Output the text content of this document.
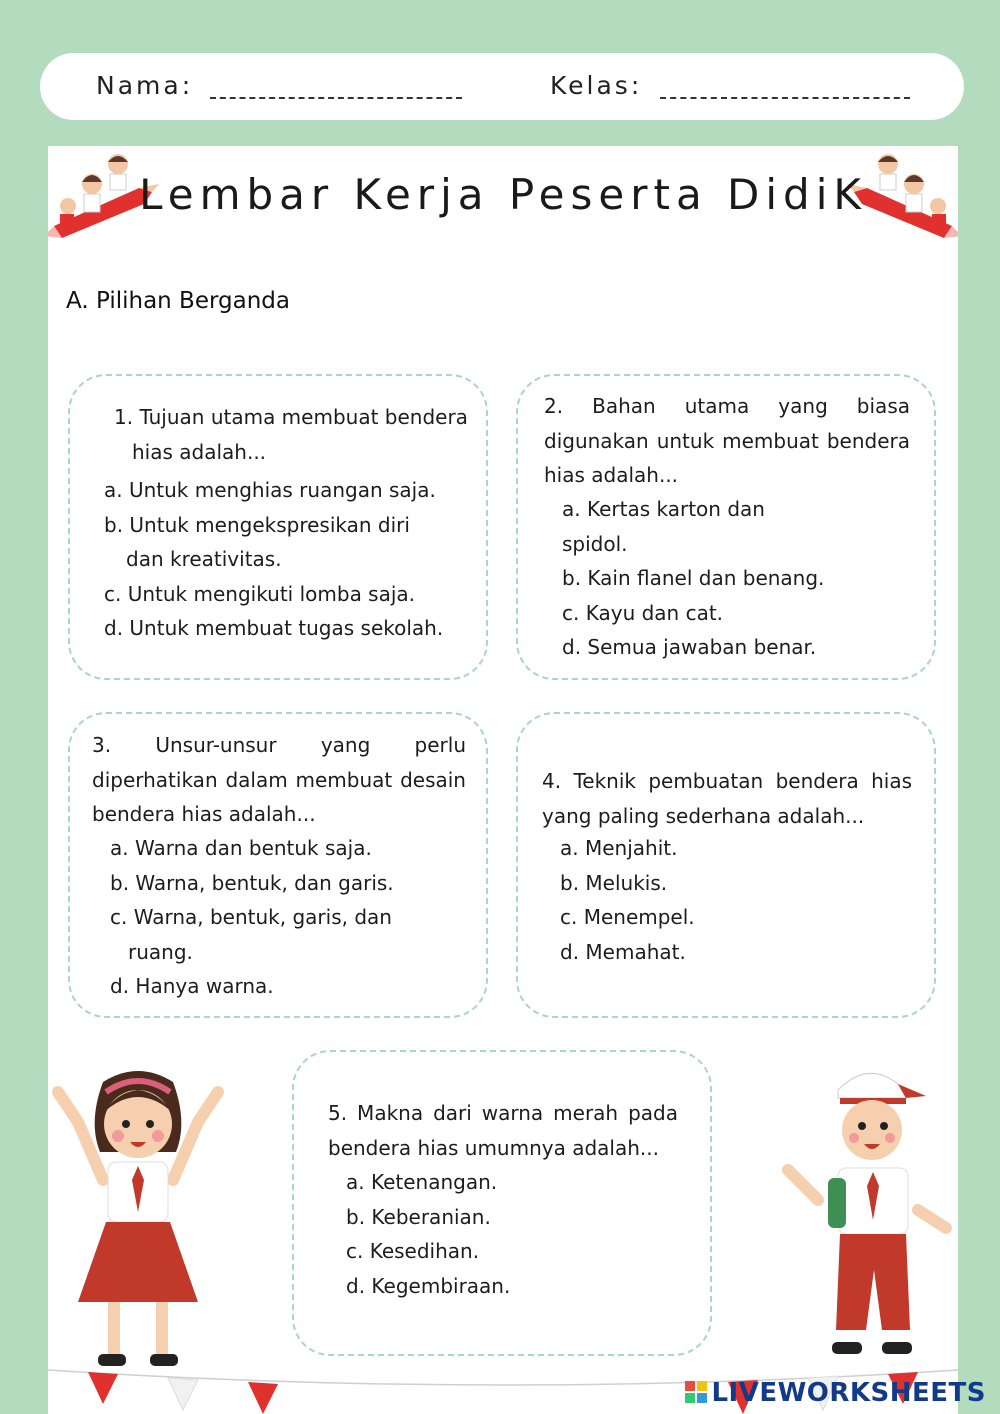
Nama:	Kelas:
Lembar Kerja Peserta DidiK
A. Pilihan Berganda
1. Tujuan utama membuat bendera
hias adalah...
a. Untuk menghias ruangan saja.
b. Untuk mengekspresikan diri
dan kreativitas.
c. Untuk mengikuti lomba saja.
d. Untuk membuat tugas sekolah.
2. Bahan utama yang biasa digunakan untuk membuat bendera hias adalah...
a. Kertas karton dan
spidol.
b. Kain flanel dan benang.
c. Kayu dan cat.
d. Semua jawaban benar.
3. Unsur-unsur yang perlu diperhatikan dalam membuat desain bendera hias adalah...
a. Warna dan bentuk saja.
b. Warna, bentuk, dan garis.
c. Warna, bentuk, garis, dan
ruang.
d. Hanya warna.
4. Teknik pembuatan bendera hias yang paling sederhana adalah...
a. Menjahit.
b. Melukis.
c. Menempel.
d. Memahat.
5. Makna dari warna merah pada bendera hias umumnya adalah...
a. Ketenangan.
b. Keberanian.
c. Kesedihan.
d. Kegembiraan.
LIVEWORKSHEETS
